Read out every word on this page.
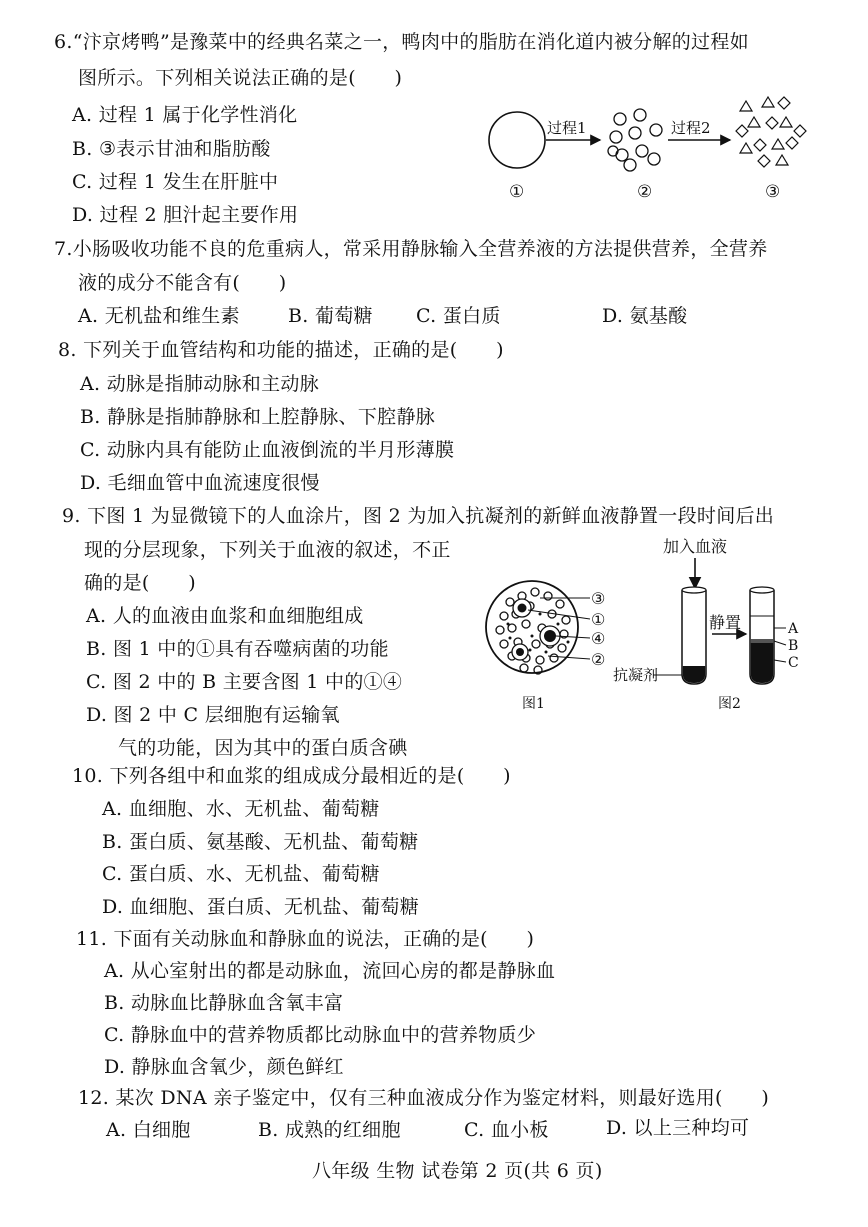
6.“汴京烤鸭”是豫菜中的经典名菜之一，鸭肉中的脂肪在消化道内被分解的过程如
图所示。下列相关说法正确的是(　　)
A. 过程 1 属于化学性消化
B. ③表示甘油和脂肪酸
C. 过程 1 发生在肝脏中
D. 过程 2 胆汁起主要作用
过程1	过程2
①	②	③
7.小肠吸收功能不良的危重病人，常采用静脉输入全营养液的方法提供营养，全营养
液的成分不能含有(　　)
A. 无机盐和维生素	B. 葡萄糖 C. 蛋白质	D. 氨基酸
8. 下列关于血管结构和功能的描述，正确的是(　　)
A. 动脉是指肺动脉和主动脉
B. 静脉是指肺静脉和上腔静脉、下腔静脉
C. 动脉内具有能防止血液倒流的半月形薄膜
D. 毛细血管中血流速度很慢
9. 下图 1 为显微镜下的人血涂片，图 2 为加入抗凝剂的新鲜血液静置一段时间后出
现的分层现象，下列关于血液的叙述，不正
确的是(　　)
A. 人的血液由血浆和血细胞组成
B. 图 1 中的①具有吞噬病菌的功能
C. 图 2 中的 B 主要含图 1 中的①④
D. 图 2 中 C 层细胞有运输氧
气的功能，因为其中的蛋白质含碘
③
①
④
②
图1
加入血液
抗凝剂
静置	A
B
C
图2
10. 下列各组中和血浆的组成成分最相近的是(　　)
A. 血细胞、水、无机盐、葡萄糖
B. 蛋白质、氨基酸、无机盐、葡萄糖
C. 蛋白质、水、无机盐、葡萄糖
D. 血细胞、蛋白质、无机盐、葡萄糖
11. 下面有关动脉血和静脉血的说法，正确的是(　　)
A. 从心室射出的都是动脉血，流回心房的都是静脉血
B. 动脉血比静脉血含氧丰富
C. 静脉血中的营养物质都比动脉血中的营养物质少
D. 静脉血含氧少，颜色鲜红
12. 某次 DNA 亲子鉴定中，仅有三种血液成分作为鉴定材料，则最好选用(　　)
A. 白细胞	B. 成熟的红细胞	C. 血小板	D. 以上三种均可
八年级 生物 试卷第 2 页(共 6 页)
